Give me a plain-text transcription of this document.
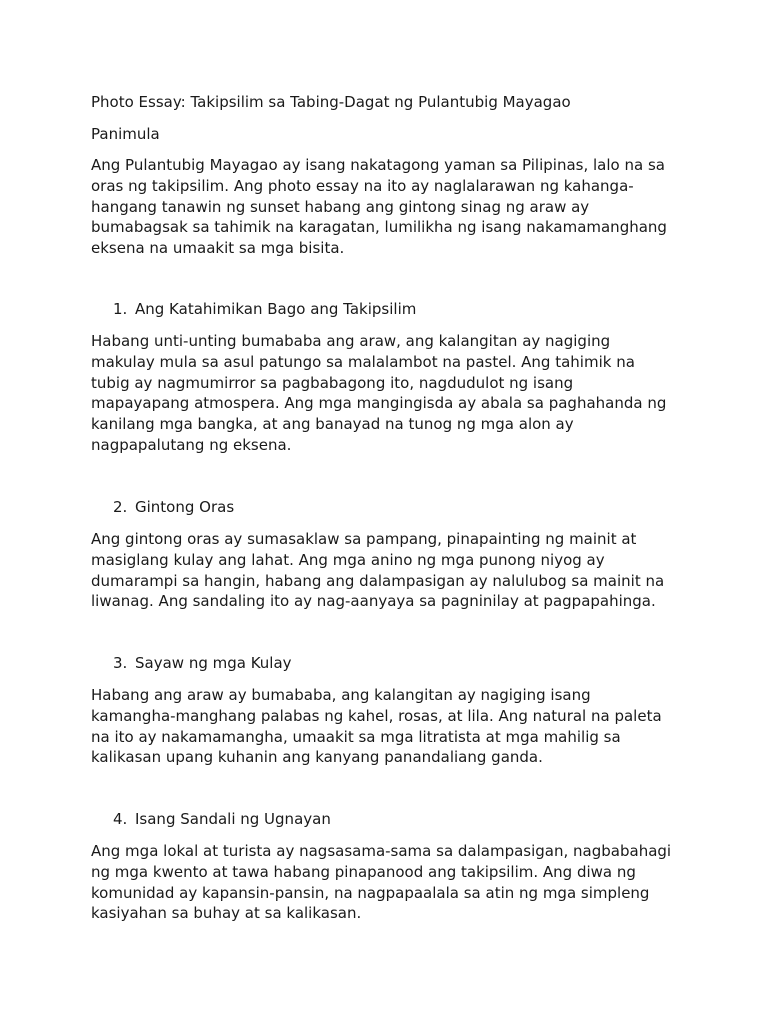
Photo Essay: Takipsilim sa Tabing-Dagat ng Pulantubig Mayagao
Panimula

Ang Pulantubig Mayagao ay isang nakatagong yaman sa Pilipinas, lalo na sa
oras ng takipsilim. Ang photo essay na ito ay naglalarawan ng kahanga-
hangang tanawin ng sunset habang ang gintong sinag ng araw ay
bumabagsak sa tahimik na karagatan, lumilikha ng isang nakamamanghang
eksena na umaakit sa mga bisita.

1. Ang Katahimikan Bago ang Takipsilim

Habang unti-unting bumababa ang araw, ang kalangitan ay nagiging
makulay mula sa asul patungo sa malalambot na pastel. Ang tahimik na
tubig ay nagmumirror sa pagbabagong ito, nagdudulot ng isang
mapayapang atmospera. Ang mga mangingisda ay abala sa paghahanda ng
kanilang mga bangka, at ang banayad na tunog ng mga alon ay
nagpapalutang ng eksena.

2. Gintong Oras

Ang gintong oras ay sumasaklaw sa pampang, pinapainting ng mainit at
masiglang kulay ang lahat. Ang mga anino ng mga punong niyog ay
dumarampi sa hangin, habang ang dalampasigan ay nalulubog sa mainit na
liwanag. Ang sandaling ito ay nag-aanyaya sa pagninilay at pagpapahinga.

3. Sayaw ng mga Kulay

Habang ang araw ay bumababa, ang kalangitan ay nagiging isang
kamangha-manghang palabas ng kahel, rosas, at lila. Ang natural na paleta
na ito ay nakamamangha, umaakit sa mga litratista at mga mahilig sa
kalikasan upang kuhanin ang kanyang panandaliang ganda.

4. Isang Sandali ng Ugnayan

Ang mga lokal at turista ay nagsasama-sama sa dalampasigan, nagbabahagi
ng mga kwento at tawa habang pinapanood ang takipsilim. Ang diwa ng
komunidad ay kapansin-pansin, na nagpapaalala sa atin ng mga simpleng
kasiyahan sa buhay at sa kalikasan.
